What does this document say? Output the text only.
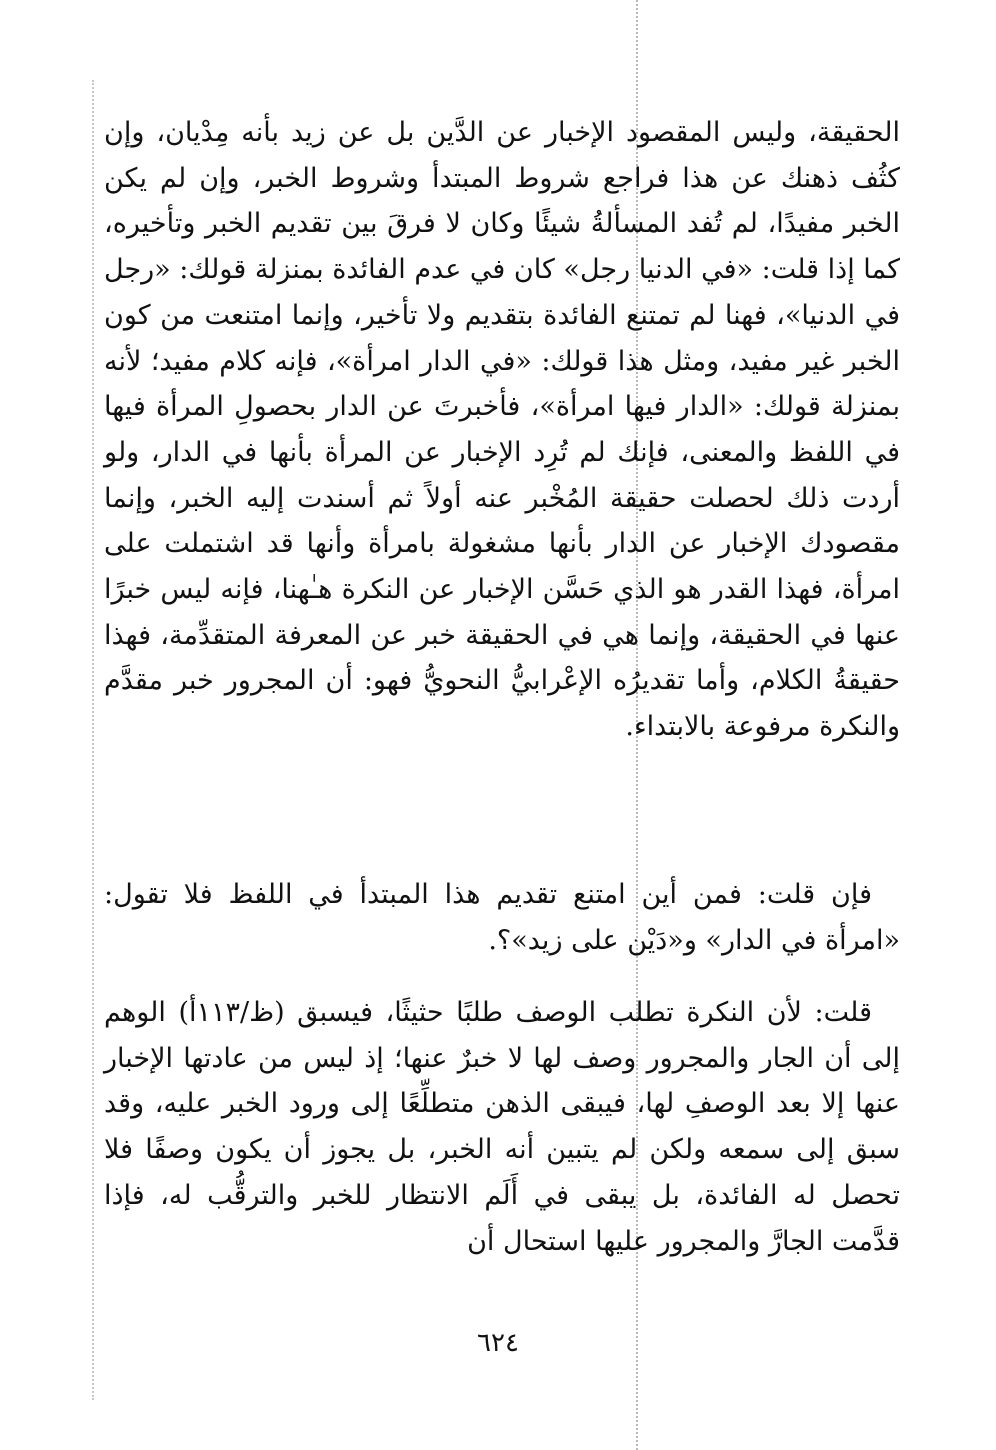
الحقيقة، وليس المقصود الإخبار عن الدَّين بل عن زيد بأنه مِدْيان، وإن كثُف ذهنك عن هذا فراجع شروط المبتدأ وشروط الخبر، وإن لم يكن الخبر مفيدًا، لم تُفد المسألةُ شيئًا وكان لا فرقَ بين تقديم الخبر وتأخيره، كما إذا قلت: «في الدنيا رجل» كان في عدم الفائدة بمنزلة قولك: «رجل في الدنيا»، فهنا لم تمتنع الفائدة بتقديم ولا تأخير، وإنما امتنعت من كون الخبر غير مفيد، ومثل هذا قولك: «في الدار امرأة»، فإنه كلام مفيد؛ لأنه بمنزلة قولك: «الدار فيها امرأة»، فأخبرتَ عن الدار بحصولِ المرأة فيها في اللفظ والمعنى، فإنك لم تُرِد الإخبار عن المرأة بأنها في الدار، ولو أردت ذلك لحصلت حقيقة المُخْبر عنه أولاً ثم أسندت إليه الخبر، وإنما مقصودك الإخبار عن الدار بأنها مشغولة بامرأة وأنها قد اشتملت على امرأة، فهذا القدر هو الذي حَسَّن الإخبار عن النكرة هـٰهنا، فإنه ليس خبرًا عنها في الحقيقة، وإنما هي في الحقيقة خبر عن المعرفة المتقدِّمة، فهذا حقيقةُ الكلام، وأما تقديرُه الإعْرابيُّ النحويُّ فهو: أن المجرور خبر مقدَّم والنكرة مرفوعة بالابتداء.

فإن قلت: فمن أين امتنع تقديم هذا المبتدأ في اللفظ فلا تقول: «امرأة في الدار» و«دَيْن على زيد»؟.

قلت: لأن النكرة تطلب الوصف طلبًا حثيثًا، فيسبق (ظ/١١٣أ) الوهم إلى أن الجار والمجرور وصف لها لا خبرٌ عنها؛ إذ ليس من عادتها الإخبار عنها إلا بعد الوصفِ لها، فيبقى الذهن متطلِّعًا إلى ورود الخبر عليه، وقد سبق إلى سمعه ولكن لم يتبين أنه الخبر، بل يجوز أن يكون وصفًا فلا تحصل له الفائدة، بل يبقى في أَلَم الانتظار للخبر والترقُّب له، فإذا قدَّمت الجارَّ والمجرور عليها استحال أن

٦٢٤
